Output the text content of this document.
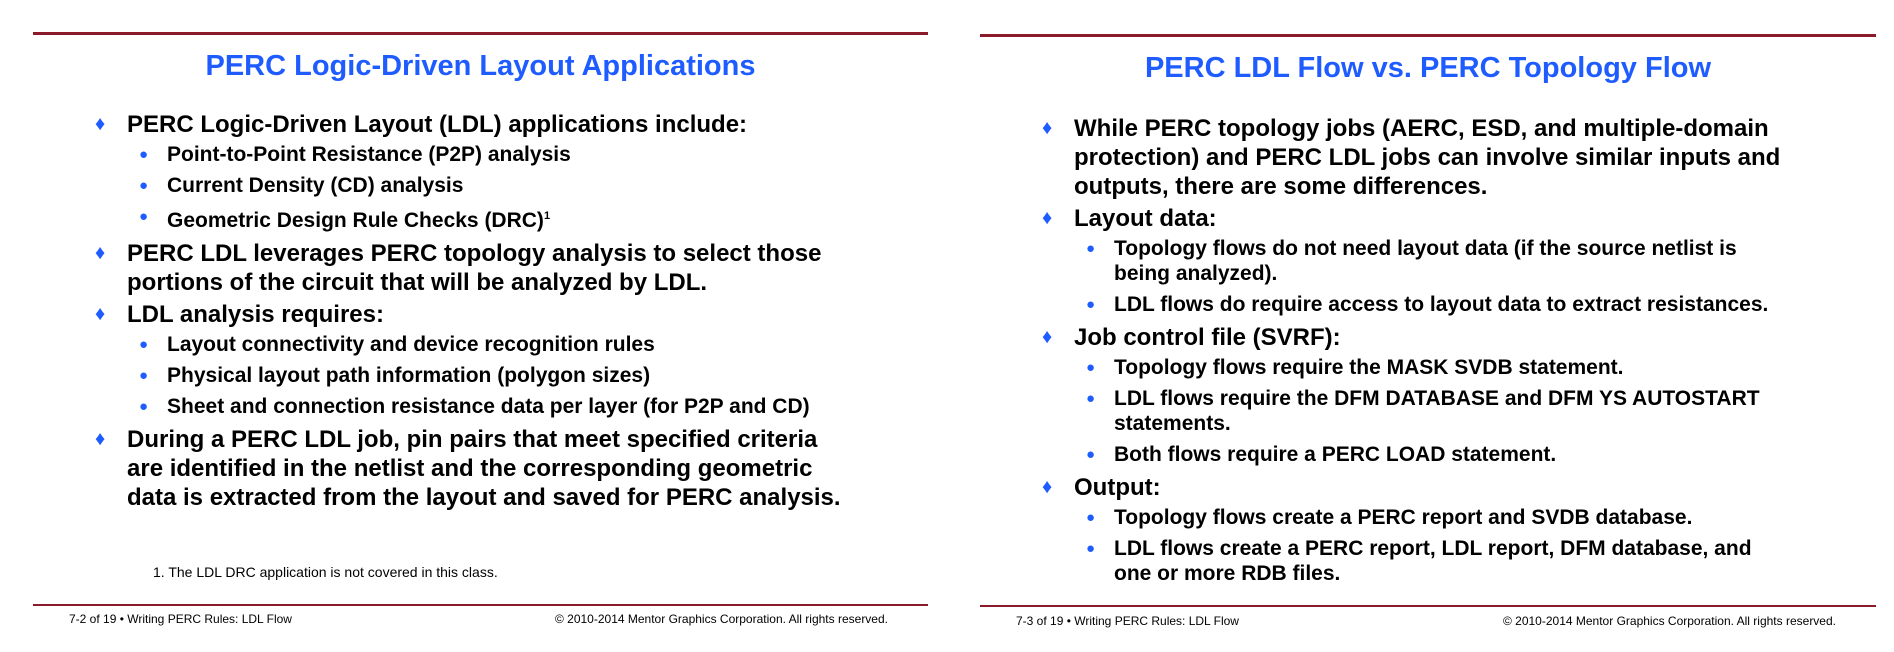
PERC Logic-Driven Layout Applications
♦ PERC Logic-Driven Layout (LDL) applications include:
● Point-to-Point Resistance (P2P) analysis
● Current Density (CD) analysis
● Geometric Design Rule Checks (DRC)$^1$
♦ PERC LDL leverages PERC topology analysis to select those
portions of the circuit that will be analyzed by LDL.
♦ LDL analysis requires:
● Layout connectivity and device recognition rules
● Physical layout path information (polygon sizes)
● Sheet and connection resistance data per layer (for P2P and CD)
♦ During a PERC LDL job, pin pairs that meet specified criteria
are identified in the netlist and the corresponding geometric
data is extracted from the layout and saved for PERC analysis.
1. The LDL DRC application is not covered in this class.
7-2 of 19 • Writing PERC Rules: LDL Flow	© 2010-2014 Mentor Graphics Corporation. All rights reserved.
PERC LDL Flow vs. PERC Topology Flow
♦ While PERC topology jobs (AERC, ESD, and multiple-domain
protection) and PERC LDL jobs can involve similar inputs and
outputs, there are some differences.
♦ Layout data:
● Topology flows do not need layout data (if the source netlist is
being analyzed).
● LDL flows do require access to layout data to extract resistances.
♦ Job control file (SVRF):
● Topology flows require the MASK SVDB statement.
● LDL flows require the DFM DATABASE and DFM YS AUTOSTART
statements.
● Both flows require a PERC LOAD statement.
♦ Output:
● Topology flows create a PERC report and SVDB database.
● LDL flows create a PERC report, LDL report, DFM database, and
one or more RDB files.
7-3 of 19 • Writing PERC Rules: LDL Flow	© 2010-2014 Mentor Graphics Corporation. All rights reserved.
